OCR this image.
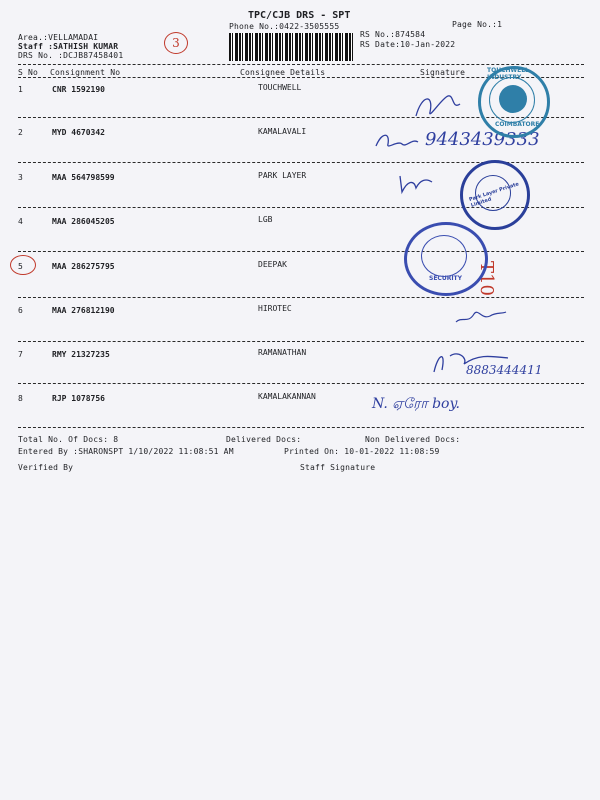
TPC/CJB DRS - SPT
Phone No.:0422-3505555
Area.:VELLAMADAI
Staff :SATHISH KUMAR
DRS No. :DCJB87458401
RS No.:874584
RS Date:10-Jan-2022
Page No.:1
3
S No Consignment No	Consignee Details	Signature
1	CNR 1592190	TOUCHWELL
2	MYD 4670342	KAMALAVALI
3	MAA 564798599	PARK LAYER
4	MAA 286045205	LGB
5	MAA 286275795	DEEPAK
6	MAA 276812190	HIROTEC
7	RMY 21327235	RAMANATHAN
8	RJP 1078756	KAMALAKANNAN
9443439333
T10
8883444411
N. ஏரோ boy.
TOUCHWELL INDUSTRY
COIMBATORE
Park Layer Private Limited
SECURITY
Total No. Of Docs: 8	Delivered Docs:	Non Delivered Docs:
Entered By :SHARONSPT 1/10/2022 11:08:51 AM	Printed On: 10-01-2022 11:08:59
Verified By	Staff Signature
